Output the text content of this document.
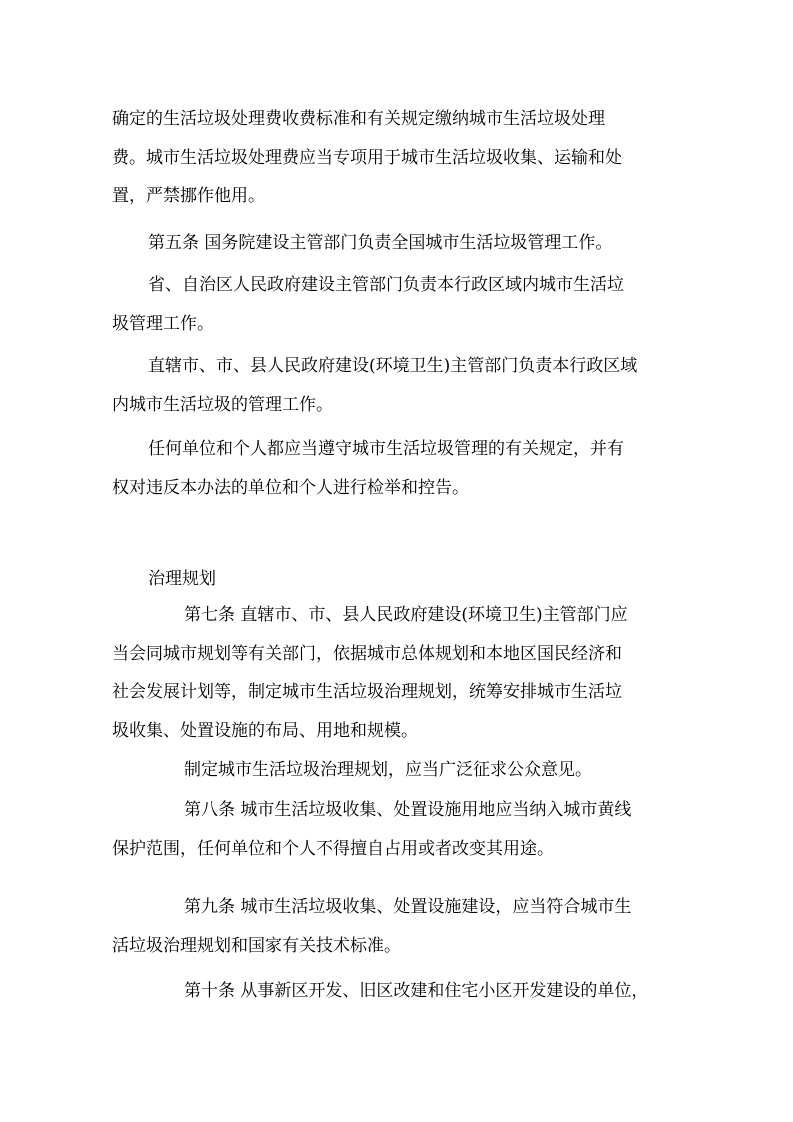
确定的生活垃圾处理费收费标准和有关规定缴纳城市生活垃圾处理
费。城市生活垃圾处理费应当专项用于城市生活垃圾收集、运输和处
置，严禁挪作他用。

第五条 国务院建设主管部门负责全国城市生活垃圾管理工作。

省、自治区人民政府建设主管部门负责本行政区域内城市生活垃
圾管理工作。

直辖市、市、县人民政府建设(环境卫生)主管部门负责本行政区域
内城市生活垃圾的管理工作。

任何单位和个人都应当遵守城市生活垃圾管理的有关规定，并有
权对违反本办法的单位和个人进行检举和控告。

治理规划

第七条 直辖市、市、县人民政府建设(环境卫生)主管部门应
当会同城市规划等有关部门，依据城市总体规划和本地区国民经济和
社会发展计划等，制定城市生活垃圾治理规划，统筹安排城市生活垃
圾收集、处置设施的布局、用地和规模。

制定城市生活垃圾治理规划，应当广泛征求公众意见。

第八条 城市生活垃圾收集、处置设施用地应当纳入城市黄线
保护范围，任何单位和个人不得擅自占用或者改变其用途。

第九条 城市生活垃圾收集、处置设施建设，应当符合城市生
活垃圾治理规划和国家有关技术标准。

第十条 从事新区开发、旧区改建和住宅小区开发建设的单位，
